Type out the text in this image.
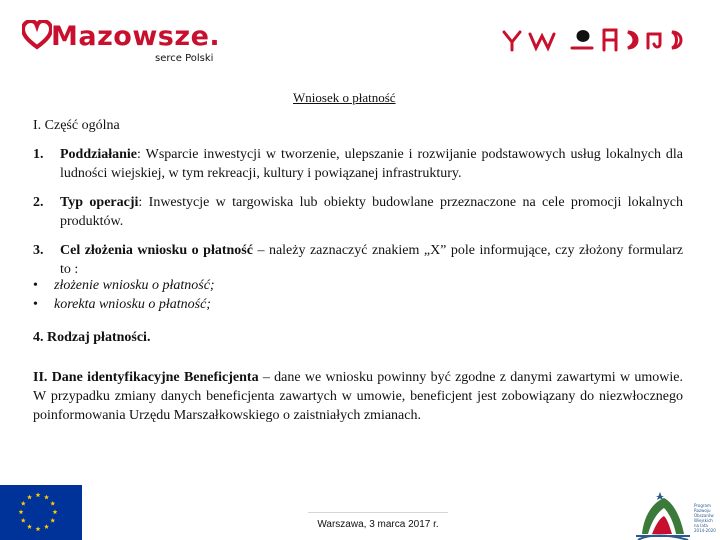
Mazowsze.
serce Polski
Wniosek o płatność
I. Część ogólna
1. Poddziałanie: Wsparcie inwestycji w tworzenie, ulepszanie i rozwijanie podstawowych usług lokalnych dla ludności wiejskiej, w tym rekreacji, kultury i powiązanej infrastruktury.
2. Typ operacji: Inwestycje w targowiska lub obiekty budowlane przeznaczone na cele promocji lokalnych produktów.
3. Cel złożenia wniosku o płatność – należy zaznaczyć znakiem „X” pole informujące, czy złożony formularz to :
• złożenie wniosku o płatność;
• korekta wniosku o płatność;
4. Rodzaj płatności.
II. Dane identyfikacyjne Beneficjenta – dane we wniosku powinny być zgodne z danymi zawartymi w umowie. W przypadku zmiany danych beneficjenta zawartych w umowie, beneficjent jest zobowiązany do niezwłocznego poinformowania Urzędu Marszałkowskiego o zaistniałych zmianach.
Warszawa, 3 marca 2017 r.
Program
Rozwoju
Obszarów
Wiejskich
na lata
2014-2020
